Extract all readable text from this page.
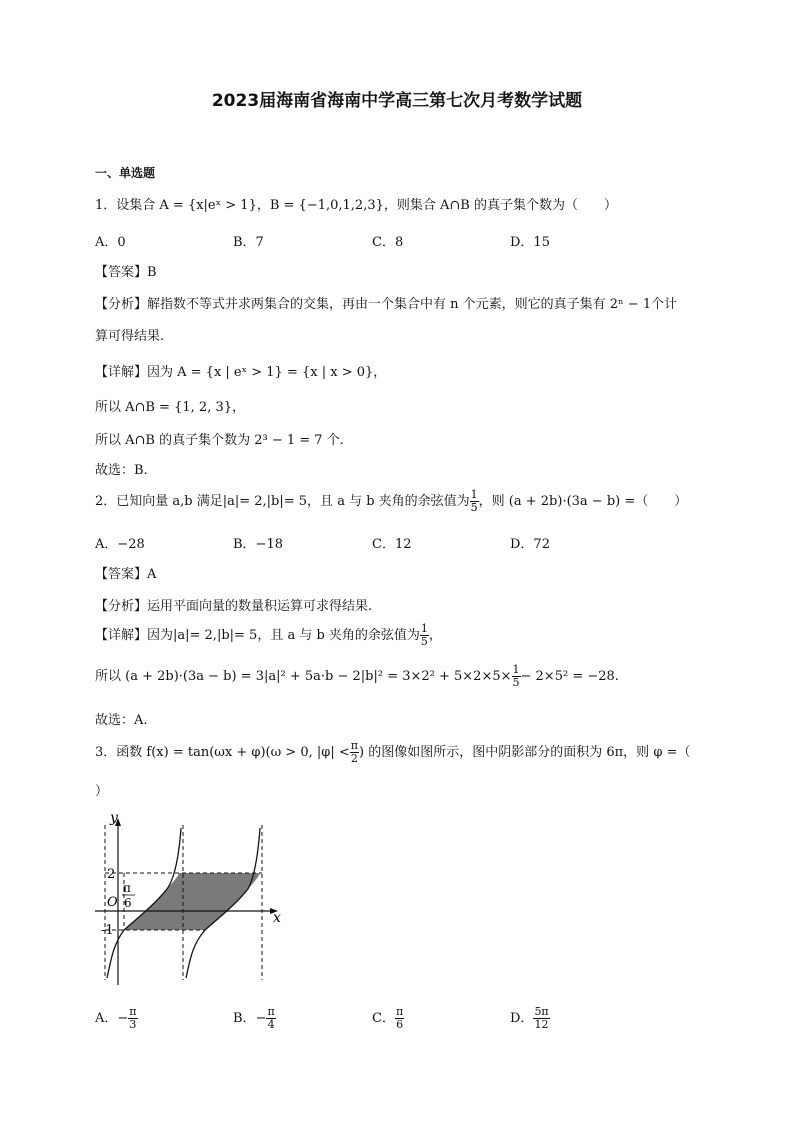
2023届海南省海南中学高三第七次月考数学试题
一、单选题
1．设集合 A = {x|eˣ > 1}，B = {−1,0,1,2,3}，则集合 A∩B 的真子集个数为（　　）
A．0	B．7	C．8	D．15
【答案】B
【分析】解指数不等式并求两集合的交集，再由一个集合中有 n 个元素，则它的真子集有 2ⁿ − 1个计
算可得结果.
【详解】因为 A = {x | eˣ > 1} = {x | x > 0}，
所以 A∩B = {1, 2, 3}，
所以 A∩B 的真子集个数为 2³ − 1 = 7 个.
故选：B.
2．已知向量 a,b 满足|a|= 2,|b|= 5，且 a 与 b 夹角的余弦值为 $\frac{1}{5}$ ，则 (a + 2b)·(3a − b) =（　　）
A．−28	B．−18	C．12	D．72
【答案】A
【分析】运用平面向量的数量积运算可求得结果.
【详解】因为|a|= 2,|b|= 5，且 a 与 b 夹角的余弦值为 $\frac{1}{5}$ ，
所以 $(a + 2b)\cdot(3a - b) = 3|a|^2 + 5a\cdot b - 2|b|^2 = 3\times 2^2 + 5\times 2\times 5\times \frac{1}{5} - 2\times 5^2 = -28$.
故选：A.
3．函数 f(x) = tan(ωx + φ)(ω > 0, $|\varphi| < \frac{\pi}{2}$ ) 的图像如图所示，图中阴影部分的面积为 6π，则 φ =（
）
y
x
O
2
-1
π
6
A．− $\frac{\pi}{3}$	B．− $\frac{\pi}{4}$	C． $\frac{\pi}{6}$	D． $\frac{5\pi}{12}$
